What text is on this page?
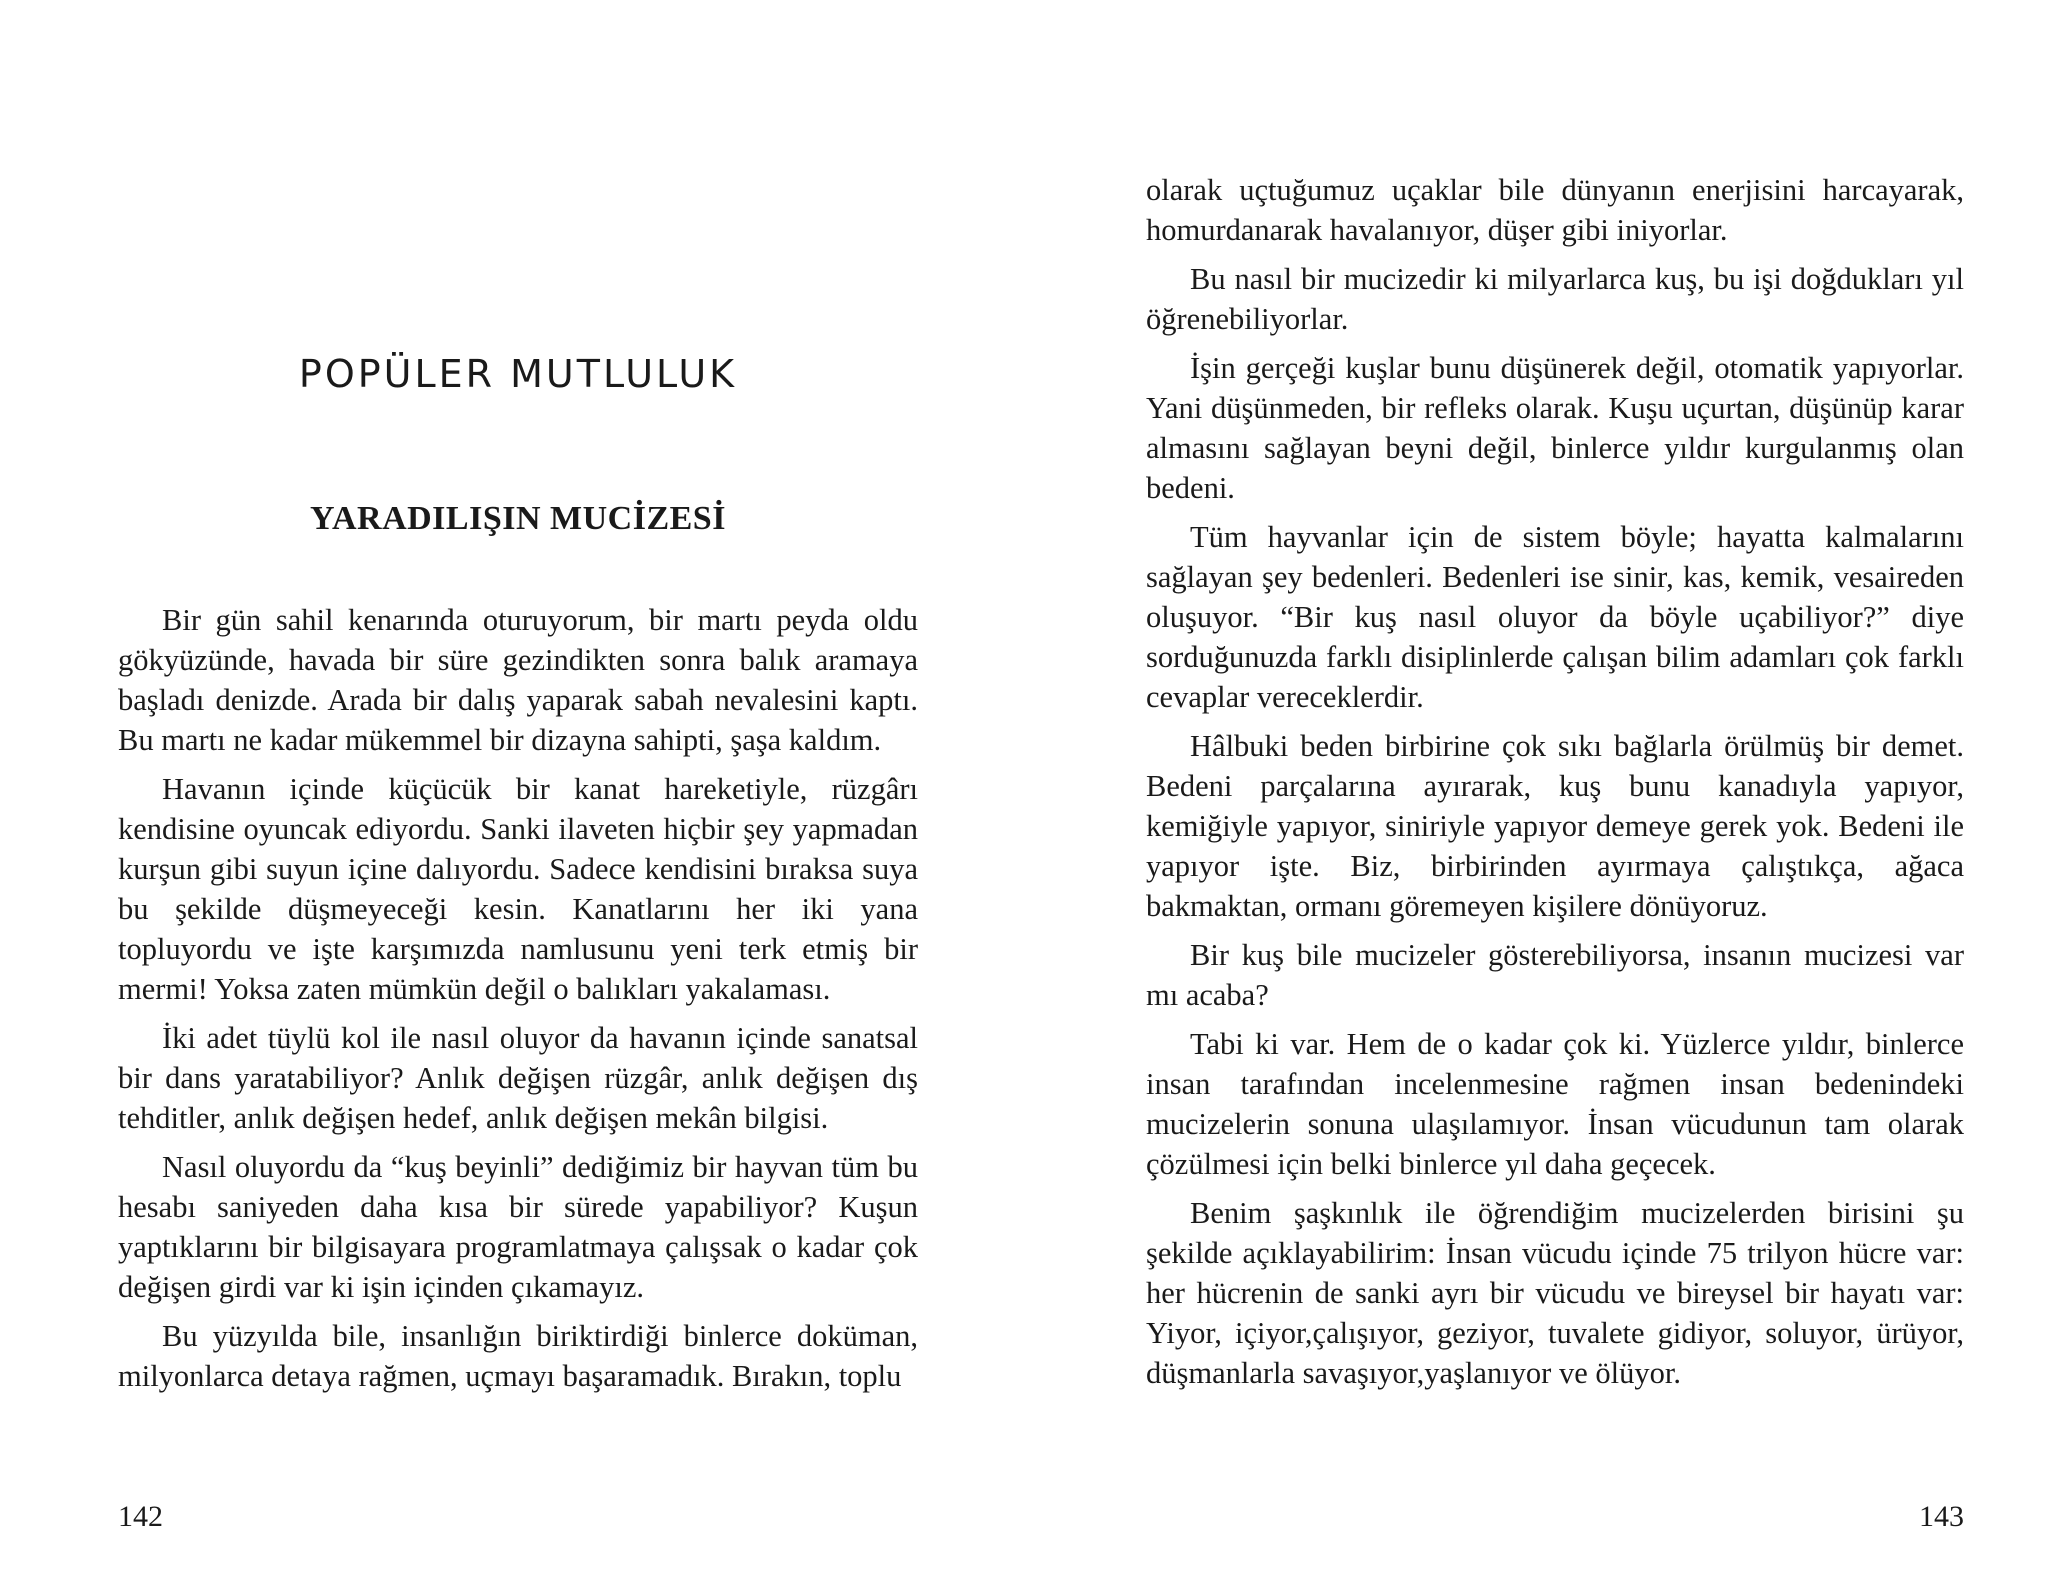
POPÜLER MUTLULUK
YARADILIŞIN MUCİZESİ

Bir gün sahil kenarında oturuyorum, bir martı peyda oldu gökyüzünde, havada bir süre gezindikten sonra balık aramaya başladı denizde. Arada bir dalış yaparak sabah nevalesini kaptı. Bu martı ne kadar mükemmel bir dizayna sahipti, şaşa kaldım.

Havanın içinde küçücük bir kanat hareketiyle, rüzgârı kendisine oyuncak ediyordu. Sanki ilaveten hiçbir şey yapmadan kurşun gibi suyun içine dalıyordu. Sadece kendisini bıraksa suya bu şekilde düşmeyeceği kesin. Kanatlarını her iki yana topluyordu ve işte karşımızda namlusunu yeni terk etmiş bir mermi! Yoksa zaten mümkün değil o balıkları yakalaması.

İki adet tüylü kol ile nasıl oluyor da havanın içinde sanatsal bir dans yaratabiliyor? Anlık değişen rüzgâr, anlık değişen dış tehditler, anlık değişen hedef, anlık değişen mekân bilgisi.

Nasıl oluyordu da “kuş beyinli” dediğimiz bir hayvan tüm bu hesabı saniyeden daha kısa bir sürede yapabiliyor? Kuşun yaptıklarını bir bilgisayara programlatmaya çalışsak o kadar çok değişen girdi var ki işin içinden çıkamayız.

Bu yüzyılda bile, insanlığın biriktirdiği binlerce doküman, milyonlarca detaya rağmen, uçmayı başaramadık. Bırakın, toplu

142

olarak uçtuğumuz uçaklar bile dünyanın enerjisini harcayarak, homurdanarak havalanıyor, düşer gibi iniyorlar.

Bu nasıl bir mucizedir ki milyarlarca kuş, bu işi doğdukları yıl öğrenebiliyorlar.

İşin gerçeği kuşlar bunu düşünerek değil, otomatik yapıyorlar. Yani düşünmeden, bir refleks olarak. Kuşu uçurtan, düşünüp karar almasını sağlayan beyni değil, binlerce yıldır kurgulanmış olan bedeni.

Tüm hayvanlar için de sistem böyle; hayatta kalmalarını sağlayan şey bedenleri. Bedenleri ise sinir, kas, kemik, vesaireden oluşuyor. “Bir kuş nasıl oluyor da böyle uçabiliyor?” diye sorduğunuzda farklı disiplinlerde çalışan bilim adamları çok farklı cevaplar vereceklerdir.

Hâlbuki beden birbirine çok sıkı bağlarla örülmüş bir demet. Bedeni parçalarına ayırarak, kuş bunu kanadıyla yapıyor, kemiğiyle yapıyor, siniriyle yapıyor demeye gerek yok. Bedeni ile yapıyor işte. Biz, birbirinden ayırmaya çalıştıkça, ağaca bakmaktan, ormanı göremeyen kişilere dönüyoruz.

Bir kuş bile mucizeler gösterebiliyorsa, insanın mucizesi var mı acaba?

Tabi ki var. Hem de o kadar çok ki. Yüzlerce yıldır, binlerce insan tarafından incelenmesine rağmen insan bedenindeki mucizelerin sonuna ulaşılamıyor. İnsan vücudunun tam olarak çözülmesi için belki binlerce yıl daha geçecek.

Benim şaşkınlık ile öğrendiğim mucizelerden birisini şu şekilde açıklayabilirim: İnsan vücudu içinde 75 trilyon hücre var: her hücrenin de sanki ayrı bir vücudu ve bireysel bir hayatı var: Yiyor, içiyor,çalışıyor, geziyor, tuvalete gidiyor, soluyor, ürüyor, düşmanlarla savaşıyor,yaşlanıyor ve ölüyor.

143
